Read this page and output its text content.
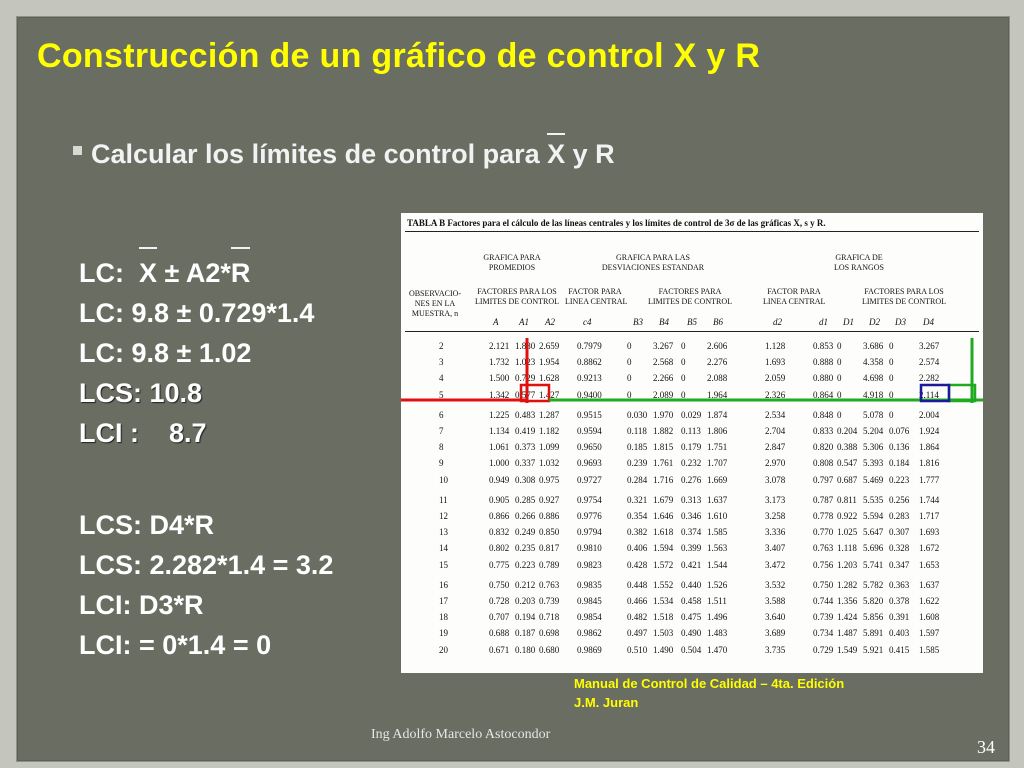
Construcción de un gráfico de control X y R
Calcular los límites de control para X y R
LC:  X ± A2*R
LC: 9.8 ± 0.729*1.4
LC: 9.8 ± 1.02
LCS: 10.8
LCI :    8.7
LCS: D4*R
LCS: 2.282*1.4 = 3.2
LCI: D3*R
LCI: = 0*1.4 = 0
TABLA B Factores para el cálculo de las líneas centrales y los límites de control de 3σ de las gráficas X, s y R.
GRAFICA PARA
PROMEDIOS
GRAFICA PARA LAS
DESVIACIONES ESTANDAR
GRAFICA DE
LOS RANGOS
OBSERVACIO-
NES EN LA
MUESTRA, n
FACTORES PARA LOS
LIMITES DE CONTROL
FACTOR PARA
LINEA CENTRAL
FACTORES PARA
LIMITES DE CONTROL
FACTOR PARA
LINEA CENTRAL
FACTORES PARA LOS
LIMITES DE CONTROL
A A1 A2	c4	B3 B4 B5 B6	d2	d1 D1 D2 D3 D4
2	2.121 1.880 2.659 0.7979	0 3.267 0 2.606	1.128	0.853 0 3.686 0	3.267
3	1.732 1.023 1.954 0.8862	0 2.568 0 2.276	1.693	0.888 0 4.358 0	2.574
4	1.500 0.729 1.628 0.9213	0 2.266 0 2.088	2.059	0.880 0 4.698 0	2.282
5	1.342 0.577 1.427 0.9400	0 2.089 0 1.964	2.326	0.864 0 4.918 0	2.114
6	1.225 0.483 1.287 0.9515	0.030 1.970 0.029 1.874	2.534	0.848 0 5.078 0	2.004
7	1.134 0.419 1.182 0.9594	0.118 1.882 0.113 1.806	2.704	0.833 0.204 5.204 0.076 1.924
8	1.061 0.373 1.099 0.9650	0.185 1.815 0.179 1.751	2.847	0.820 0.388 5.306 0.136 1.864
9	1.000 0.337 1.032 0.9693	0.239 1.761 0.232 1.707	2.970	0.808 0.547 5.393 0.184 1.816
10	0.949 0.308 0.975 0.9727	0.284 1.716 0.276 1.669	3.078	0.797 0.687 5.469 0.223 1.777
11	0.905 0.285 0.927 0.9754	0.321 1.679 0.313 1.637	3.173	0.787 0.811 5.535 0.256 1.744
12	0.866 0.266 0.886 0.9776	0.354 1.646 0.346 1.610	3.258	0.778 0.922 5.594 0.283 1.717
13	0.832 0.249 0.850 0.9794	0.382 1.618 0.374 1.585	3.336	0.770 1.025 5.647 0.307 1.693
14	0.802 0.235 0.817 0.9810	0.406 1.594 0.399 1.563	3.407	0.763 1.118 5.696 0.328 1.672
15	0.775 0.223 0.789 0.9823	0.428 1.572 0.421 1.544	3.472	0.756 1.203 5.741 0.347 1.653
16	0.750 0.212 0.763 0.9835	0.448 1.552 0.440 1.526	3.532	0.750 1.282 5.782 0.363 1.637
17	0.728 0.203 0.739 0.9845	0.466 1.534 0.458 1.511	3.588	0.744 1.356 5.820 0.378 1.622
18	0.707 0.194 0.718 0.9854	0.482 1.518 0.475 1.496	3.640	0.739 1.424 5.856 0.391 1.608
19	0.688 0.187 0.698 0.9862	0.497 1.503 0.490 1.483	3.689	0.734 1.487 5.891 0.403 1.597
20	0.671 0.180 0.680 0.9869	0.510 1.490 0.504 1.470	3.735	0.729 1.549 5.921 0.415 1.585
Manual de Control de Calidad – 4ta. Edición
J.M. Juran
Ing Adolfo Marcelo Astocondor
34
